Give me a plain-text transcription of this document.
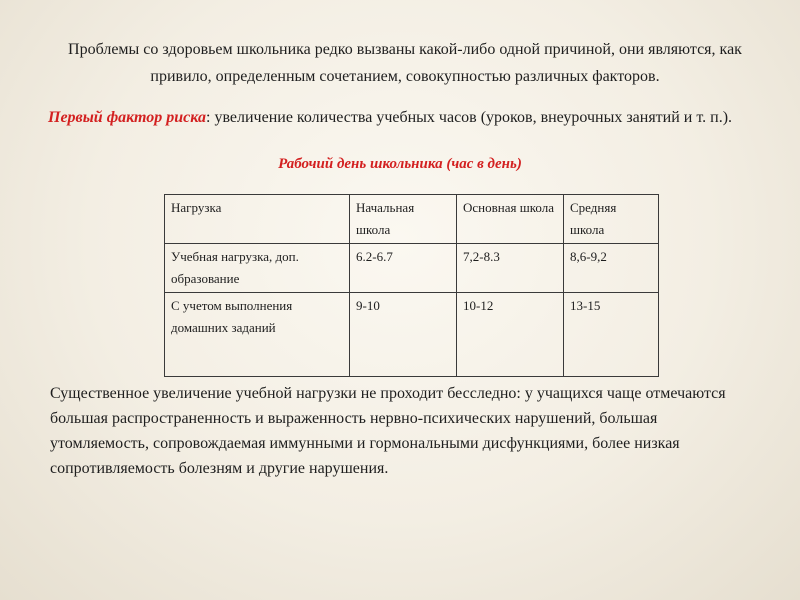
Проблемы со здоровьем школьника редко вызваны какой-либо одной причиной, они являются, как привило, определенным сочетанием, совокупностью различных факторов.
Первый фактор риска: увеличение количества учебных часов (уроков, внеурочных занятий и т. п.).
Рабочий день школьника (час в день)
Нагрузка	Начальная школа	Основная школа	Средняя школа
Учебная нагрузка, доп. образование	6.2-6.7	7,2-8.3	8,6-9,2
С учетом выполнения домашних заданий	9-10	10-12	13-15
Существенное увеличение учебной нагрузки не проходит бесследно: у учащихся чаще отмечаются большая распространенность и выраженность нервно-психических нарушений, большая утомляемость, сопровождаемая иммунными и гормональными дисфункциями, более низкая сопротивляемость болезням и другие нарушения.
